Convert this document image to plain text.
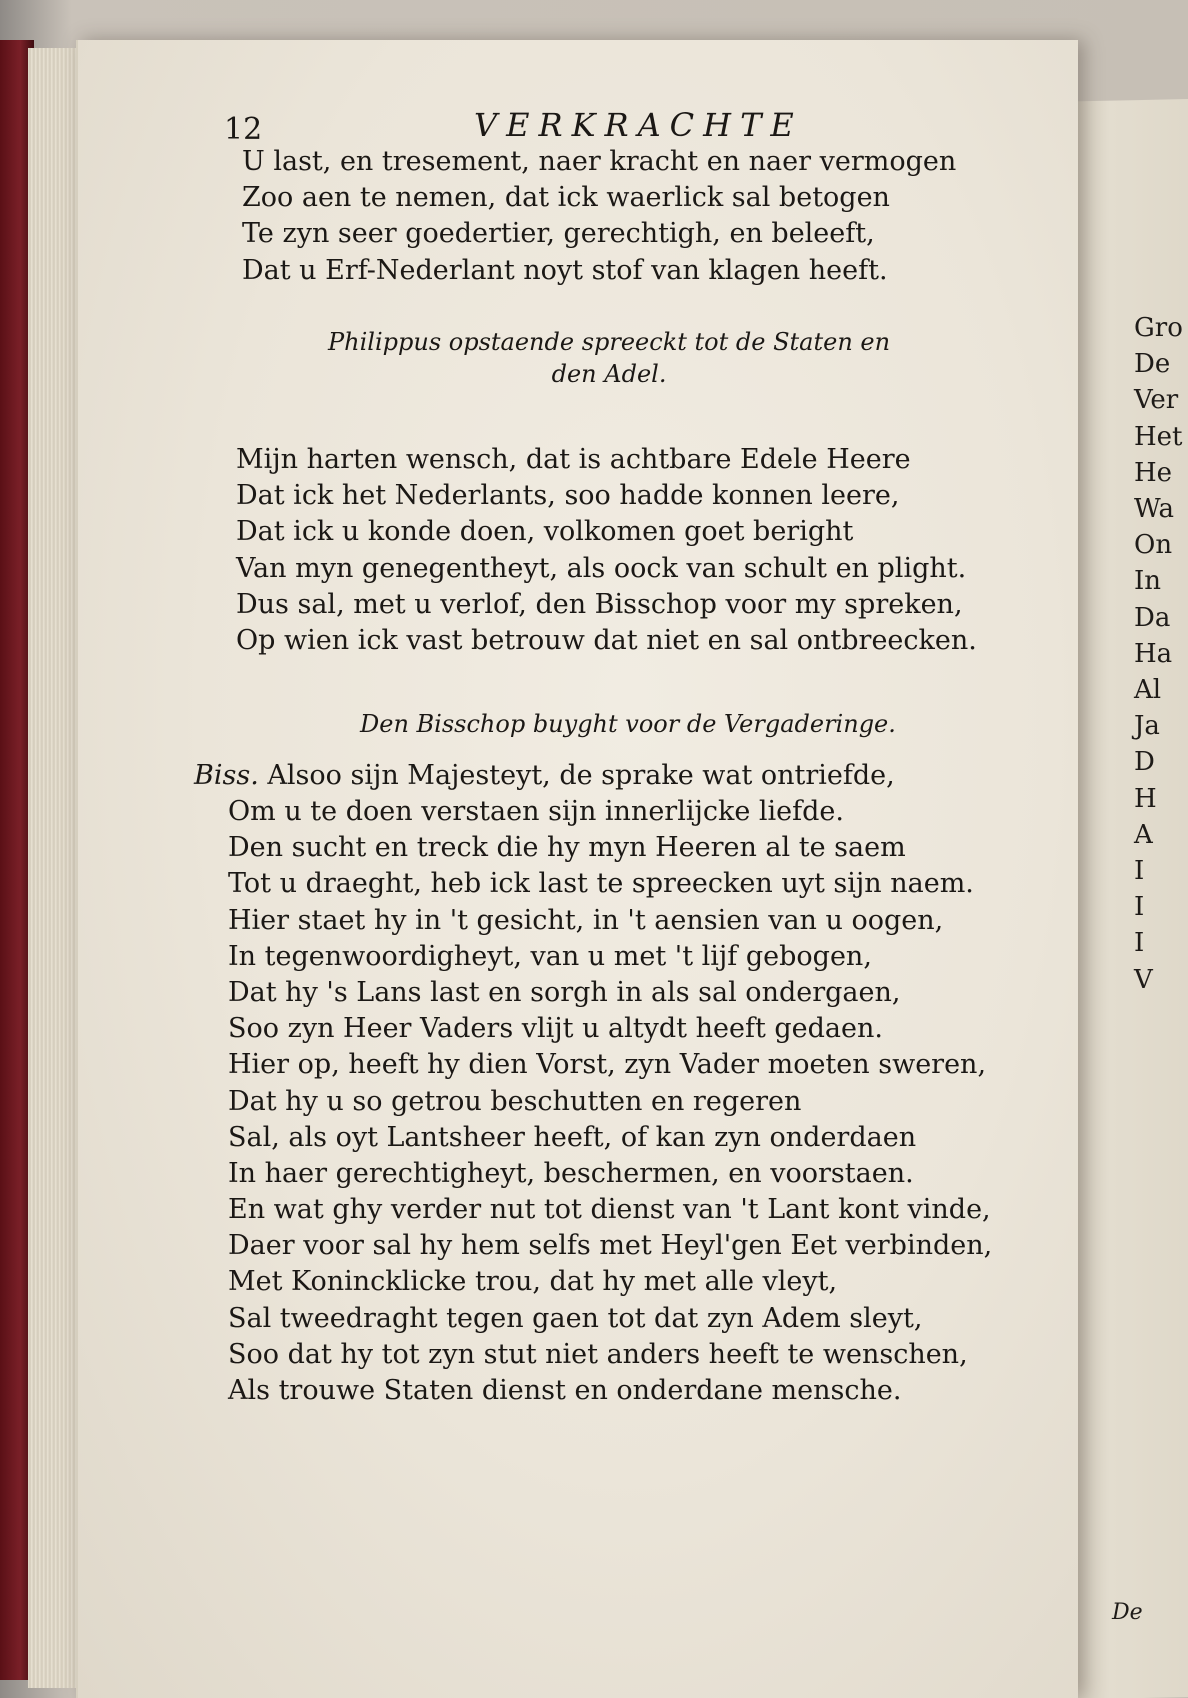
Gro
De
Ver
Het
He
Wa
On
In
Da
Ha
Al
Ja
D
H
A
I
I
I
V
De
12	VERKRACHTE
U last, en tresement, naer kracht en naer vermogen
Zoo aen te nemen, dat ick waerlick sal betogen
Te zyn seer goedertier, gerechtigh, en beleeft,
Dat u Erf-Nederlant noyt stof van klagen heeft.
Philippus opstaende spreeckt tot de Staten en
den Adel.
Mijn harten wensch, dat is achtbare Edele Heere
Dat ick het Nederlants, soo hadde konnen leere,
Dat ick u konde doen, volkomen goet beright
Van myn genegentheyt, als oock van schult en plight.
Dus sal, met u verlof, den Bisschop voor my spreken,
Op wien ick vast betrouw dat niet en sal ontbreecken.
Den Bisschop buyght voor de Vergaderinge.
Biss. Alsoo sijn Majesteyt, de sprake wat ontriefde,
Om u te doen verstaen sijn innerlijcke liefde.
Den sucht en treck die hy myn Heeren al te saem
Tot u draeght, heb ick last te spreecken uyt sijn naem.
Hier staet hy in 't gesicht, in 't aensien van u oogen,
In tegenwoordigheyt, van u met 't lijf gebogen,
Dat hy 's Lans last en sorgh in als sal ondergaen,
Soo zyn Heer Vaders vlijt u altydt heeft gedaen.
Hier op, heeft hy dien Vorst, zyn Vader moeten sweren,
Dat hy u so getrou beschutten en regeren
Sal, als oyt Lantsheer heeft, of kan zyn onderdaen
In haer gerechtigheyt, beschermen, en voorstaen.
En wat ghy verder nut tot dienst van 't Lant kont vinde,
Daer voor sal hy hem selfs met Heyl'gen Eet verbinden,
Met Konincklicke trou, dat hy met alle vleyt,
Sal tweedraght tegen gaen tot dat zyn Adem sleyt,
Soo dat hy tot zyn stut niet anders heeft te wenschen,
Als trouwe Staten dienst en onderdane mensche.
